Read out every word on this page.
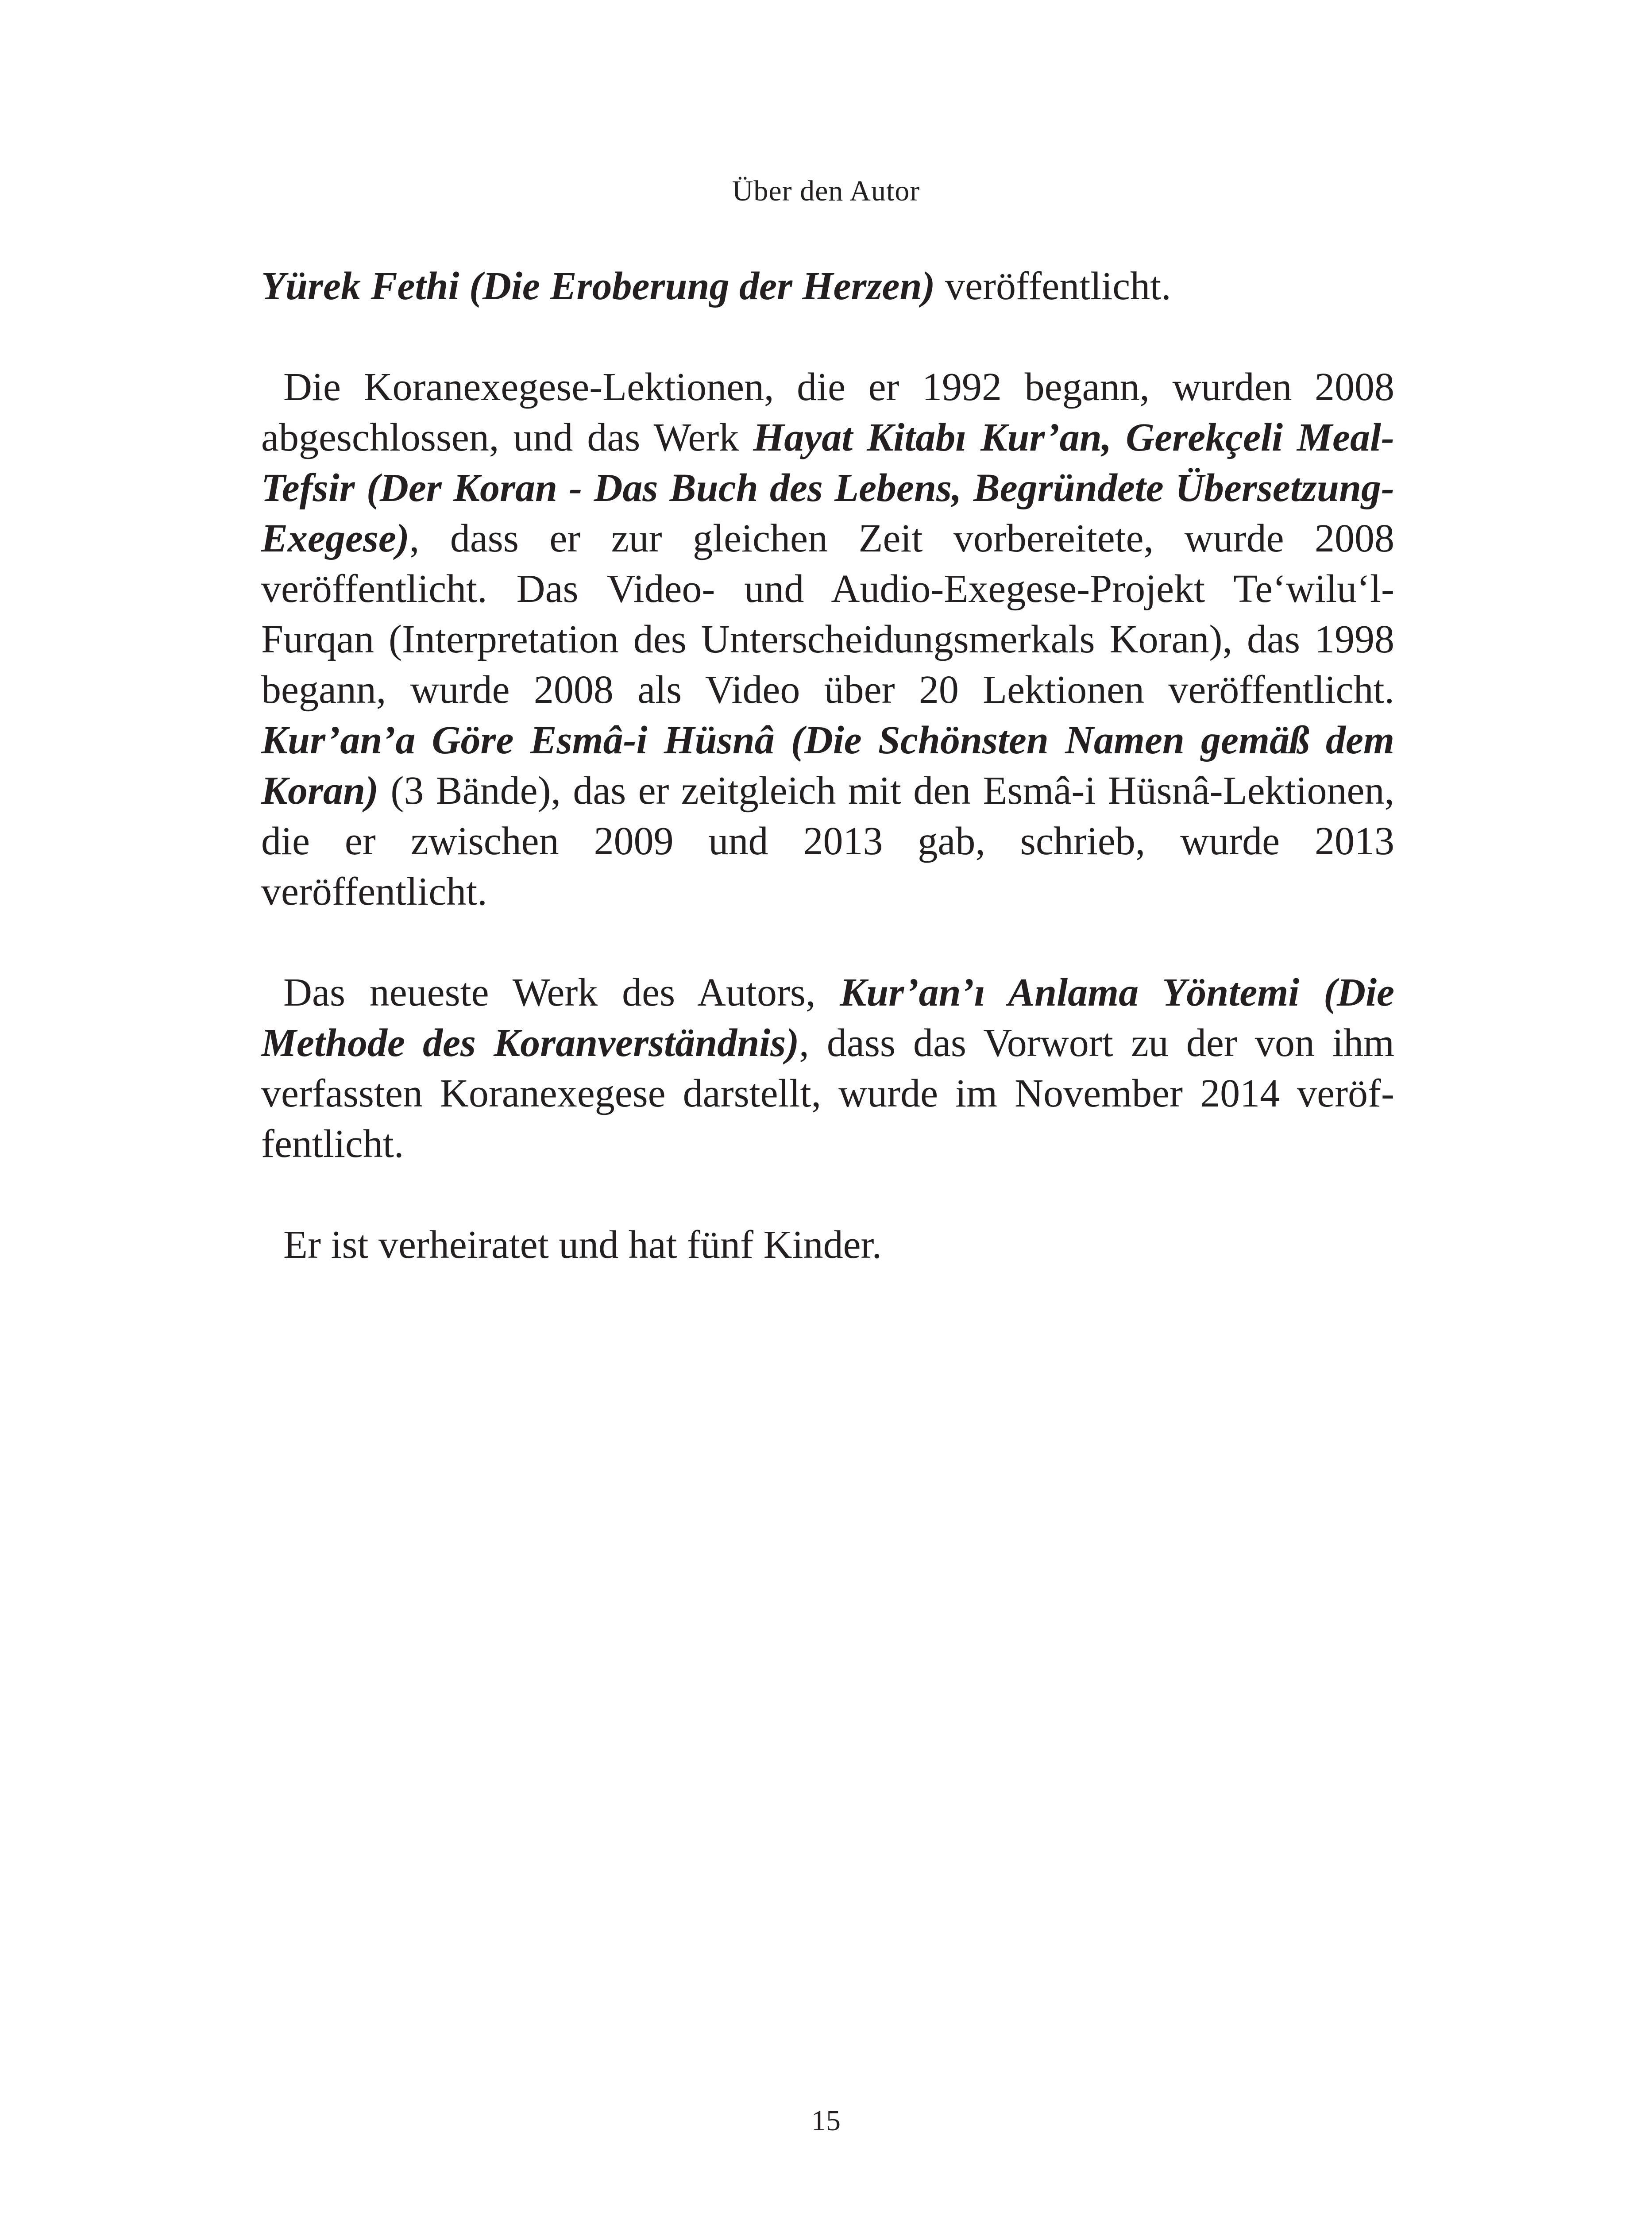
Über den Autor

Yürek Fethi (Die Eroberung der Herzen) veröffentlicht.

Die Koranexegese-Lektionen, die er 1992 begann, wurden 2008 abgeschlossen, und das Werk Hayat Kitabı Kur’an, Gerekçeli Meal-Tefsir (Der Koran - Das Buch des Lebens, Begründete Übersetzung-Exegese), dass er zur gleichen Zeit vorbereitete, wurde 2008 veröffentlicht. Das Video- und Audio-Exegese-Projekt Te‘wilu‘l-Furqan (Interpretation des Unterscheidungsmerkals Koran), das 1998 begann, wurde 2008 als Video über 20 Lektionen veröffentlicht. Kur’an’a Göre Esmâ-i Hüsnâ (Die Schönsten Namen gemäß dem Koran) (3 Bände), das er zeitgleich mit den Esmâ-i Hüsnâ-Lektionen, die er zwischen 2009 und 2013 gab, schrieb, wurde 2013 veröffentlicht.

Das neueste Werk des Autors, Kur’an’ı Anlama Yöntemi (Die Methode des Koranverständnis), dass das Vorwort zu der von ihm verfassten Koranexegese darstellt, wurde im November 2014 veröffentlicht.

Er ist verheiratet und hat fünf Kinder.

15
